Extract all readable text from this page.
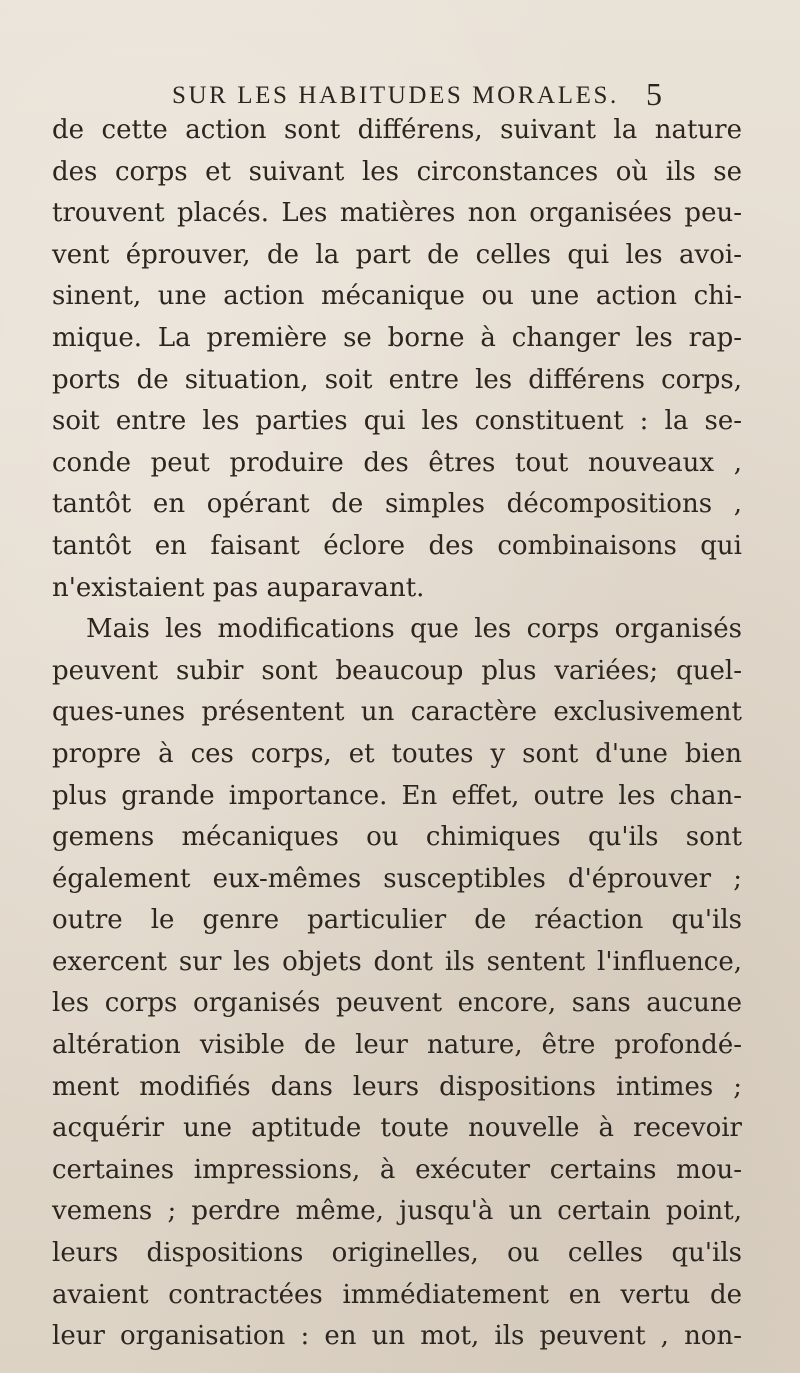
SUR LES HABITUDES MORALES. 5
de cette action sont différens, suivant la nature
des corps et suivant les circonstances où ils se
trouvent placés. Les matières non organisées peu-
vent éprouver, de la part de celles qui les avoi-
sinent, une action mécanique ou une action chi-
mique. La première se borne à changer les rap-
ports de situation, soit entre les différens corps,
soit entre les parties qui les constituent : la se-
conde peut produire des êtres tout nouveaux ,
tantôt en opérant de simples décompositions ,
tantôt en faisant éclore des combinaisons qui
n'existaient pas auparavant.
Mais les modifications que les corps organisés
peuvent subir sont beaucoup plus variées; quel-
ques-unes présentent un caractère exclusivement
propre à ces corps, et toutes y sont d'une bien
plus grande importance. En effet, outre les chan-
gemens mécaniques ou chimiques qu'ils sont
également eux-mêmes susceptibles d'éprouver ;
outre le genre particulier de réaction qu'ils
exercent sur les objets dont ils sentent l'influence,
les corps organisés peuvent encore, sans aucune
altération visible de leur nature, être profondé-
ment modifiés dans leurs dispositions intimes ;
acquérir une aptitude toute nouvelle à recevoir
certaines impressions, à exécuter certains mou-
vemens ; perdre même, jusqu'à un certain point,
leurs dispositions originelles, ou celles qu'ils
avaient contractées immédiatement en vertu de
leur organisation : en un mot, ils peuvent , non-
